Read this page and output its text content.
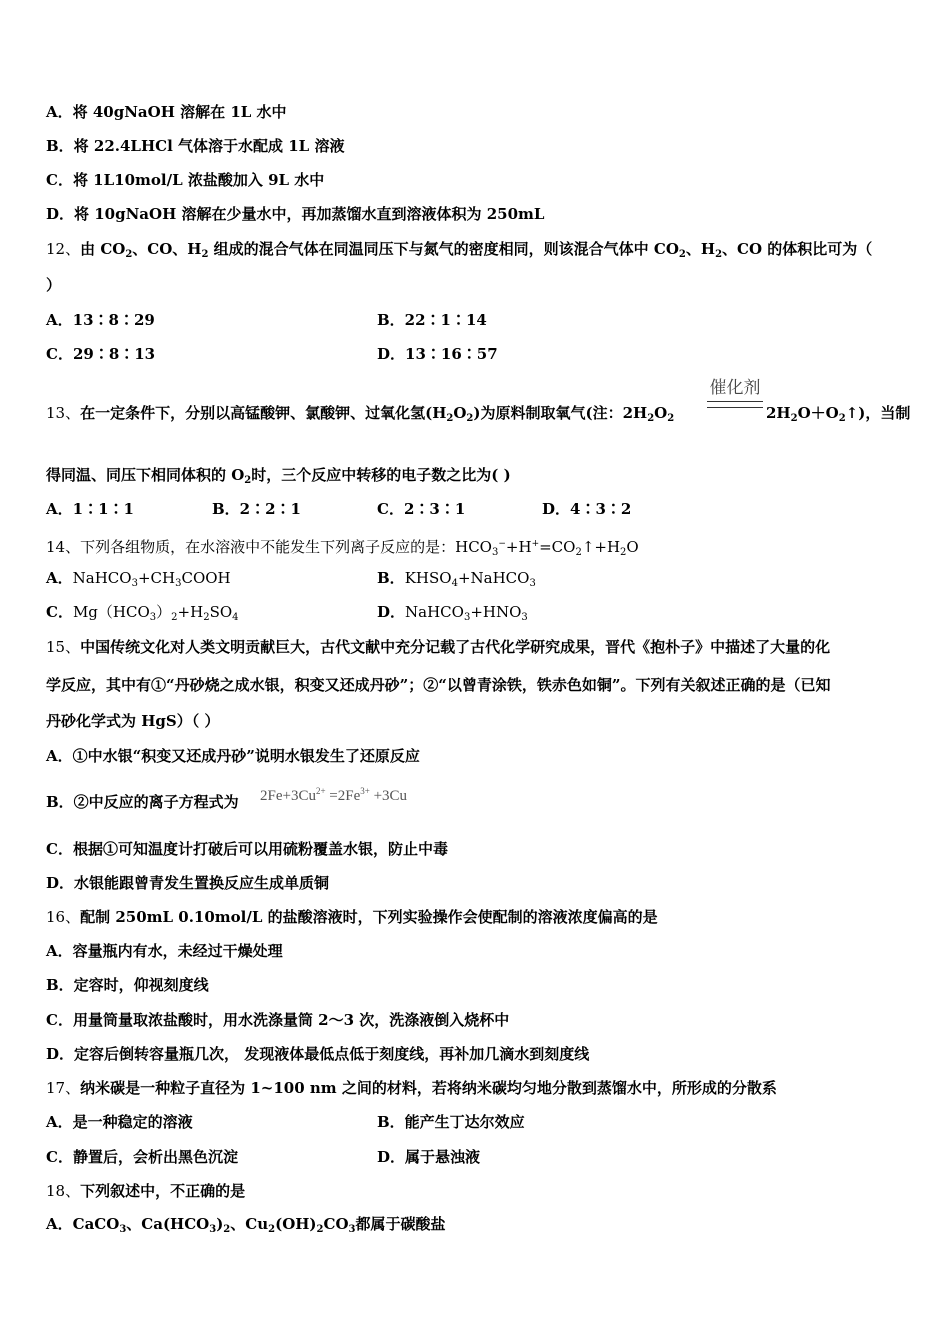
A．将 40gNaOH 溶解在 1L 水中
B．将 22.4LHCl 气体溶于水配成 1L 溶液
C．将 1L10mol/L 浓盐酸加入 9L 水中
D．将 10gNaOH 溶解在少量水中，再加蒸馏水直到溶液体积为 250mL
12、由 $CO_2$、CO、$H_2$ 组成的混合气体在同温同压下与氮气的密度相同，则该混合气体中 $CO_2$、$H_2$、CO 的体积比可为（
）
A．13∶8∶29	B．22∶1∶14
C．29∶8∶13	D．13∶16∶57
13、在一定条件下，分别以高锰酸钾、氯酸钾、过氧化氢$(H_2O_2)$为原料制取氧气(注：$2H_2O_2$
催化剂
$2H_2O+O_2↑$)，当制
得同温、同压下相同体积的 $O_2$时，三个反应中转移的电子数之比为( )
A．1∶1∶1	B．2∶2∶1	C．2∶3∶1	D．4∶3∶2
14、下列各组物质，在水溶液中不能发生下列离子反应的是：$HCO_3^-+H^+=CO_2↑+H_2O$
A．$NaHCO_3+CH_3COOH$	B．$KHSO_4+NaHCO_3$
C．$Mg(HCO_3)_2+H_2SO_4$	D．$NaHCO_3+HNO_3$
15、中国传统文化对人类文明贡献巨大，古代文献中充分记载了古代化学研究成果，晋代《抱朴子》中描述了大量的化
学反应，其中有①“丹砂烧之成水银，积变又还成丹砂”；②“以曾青涂铁，铁赤色如铜”。下列有关叙述正确的是（已知
丹砂化学式为 HgS）（ ）
A．①中水银“积变又还成丹砂”说明水银发生了还原反应
B．②中反应的离子方程式为 $2Fe+3Cu^{2+} =2Fe^{3+} +3Cu$
C．根据①可知温度计打破后可以用硫粉覆盖水银，防止中毒
D．水银能跟曾青发生置换反应生成单质铜
16、配制 250mL 0.10mol/L 的盐酸溶液时，下列实验操作会使配制的溶液浓度偏高的是
A．容量瓶内有水，未经过干燥处理
B．定容时，仰视刻度线
C．用量筒量取浓盐酸时，用水洗涤量筒 2～3 次，洗涤液倒入烧杯中
D．定容后倒转容量瓶几次， 发现液体最低点低于刻度线，再补加几滴水到刻度线
17、纳米碳是一种粒子直径为 1~100 nm 之间的材料，若将纳米碳均匀地分散到蒸馏水中，所形成的分散系
A．是一种稳定的溶液	B．能产生丁达尔效应
C．静置后，会析出黑色沉淀	D．属于悬浊液
18、下列叙述中，不正确的是
A．CaCO$_3$、$Ca(HCO_3)_2$、$Cu_2(OH)_2CO_3$都属于碳酸盐
